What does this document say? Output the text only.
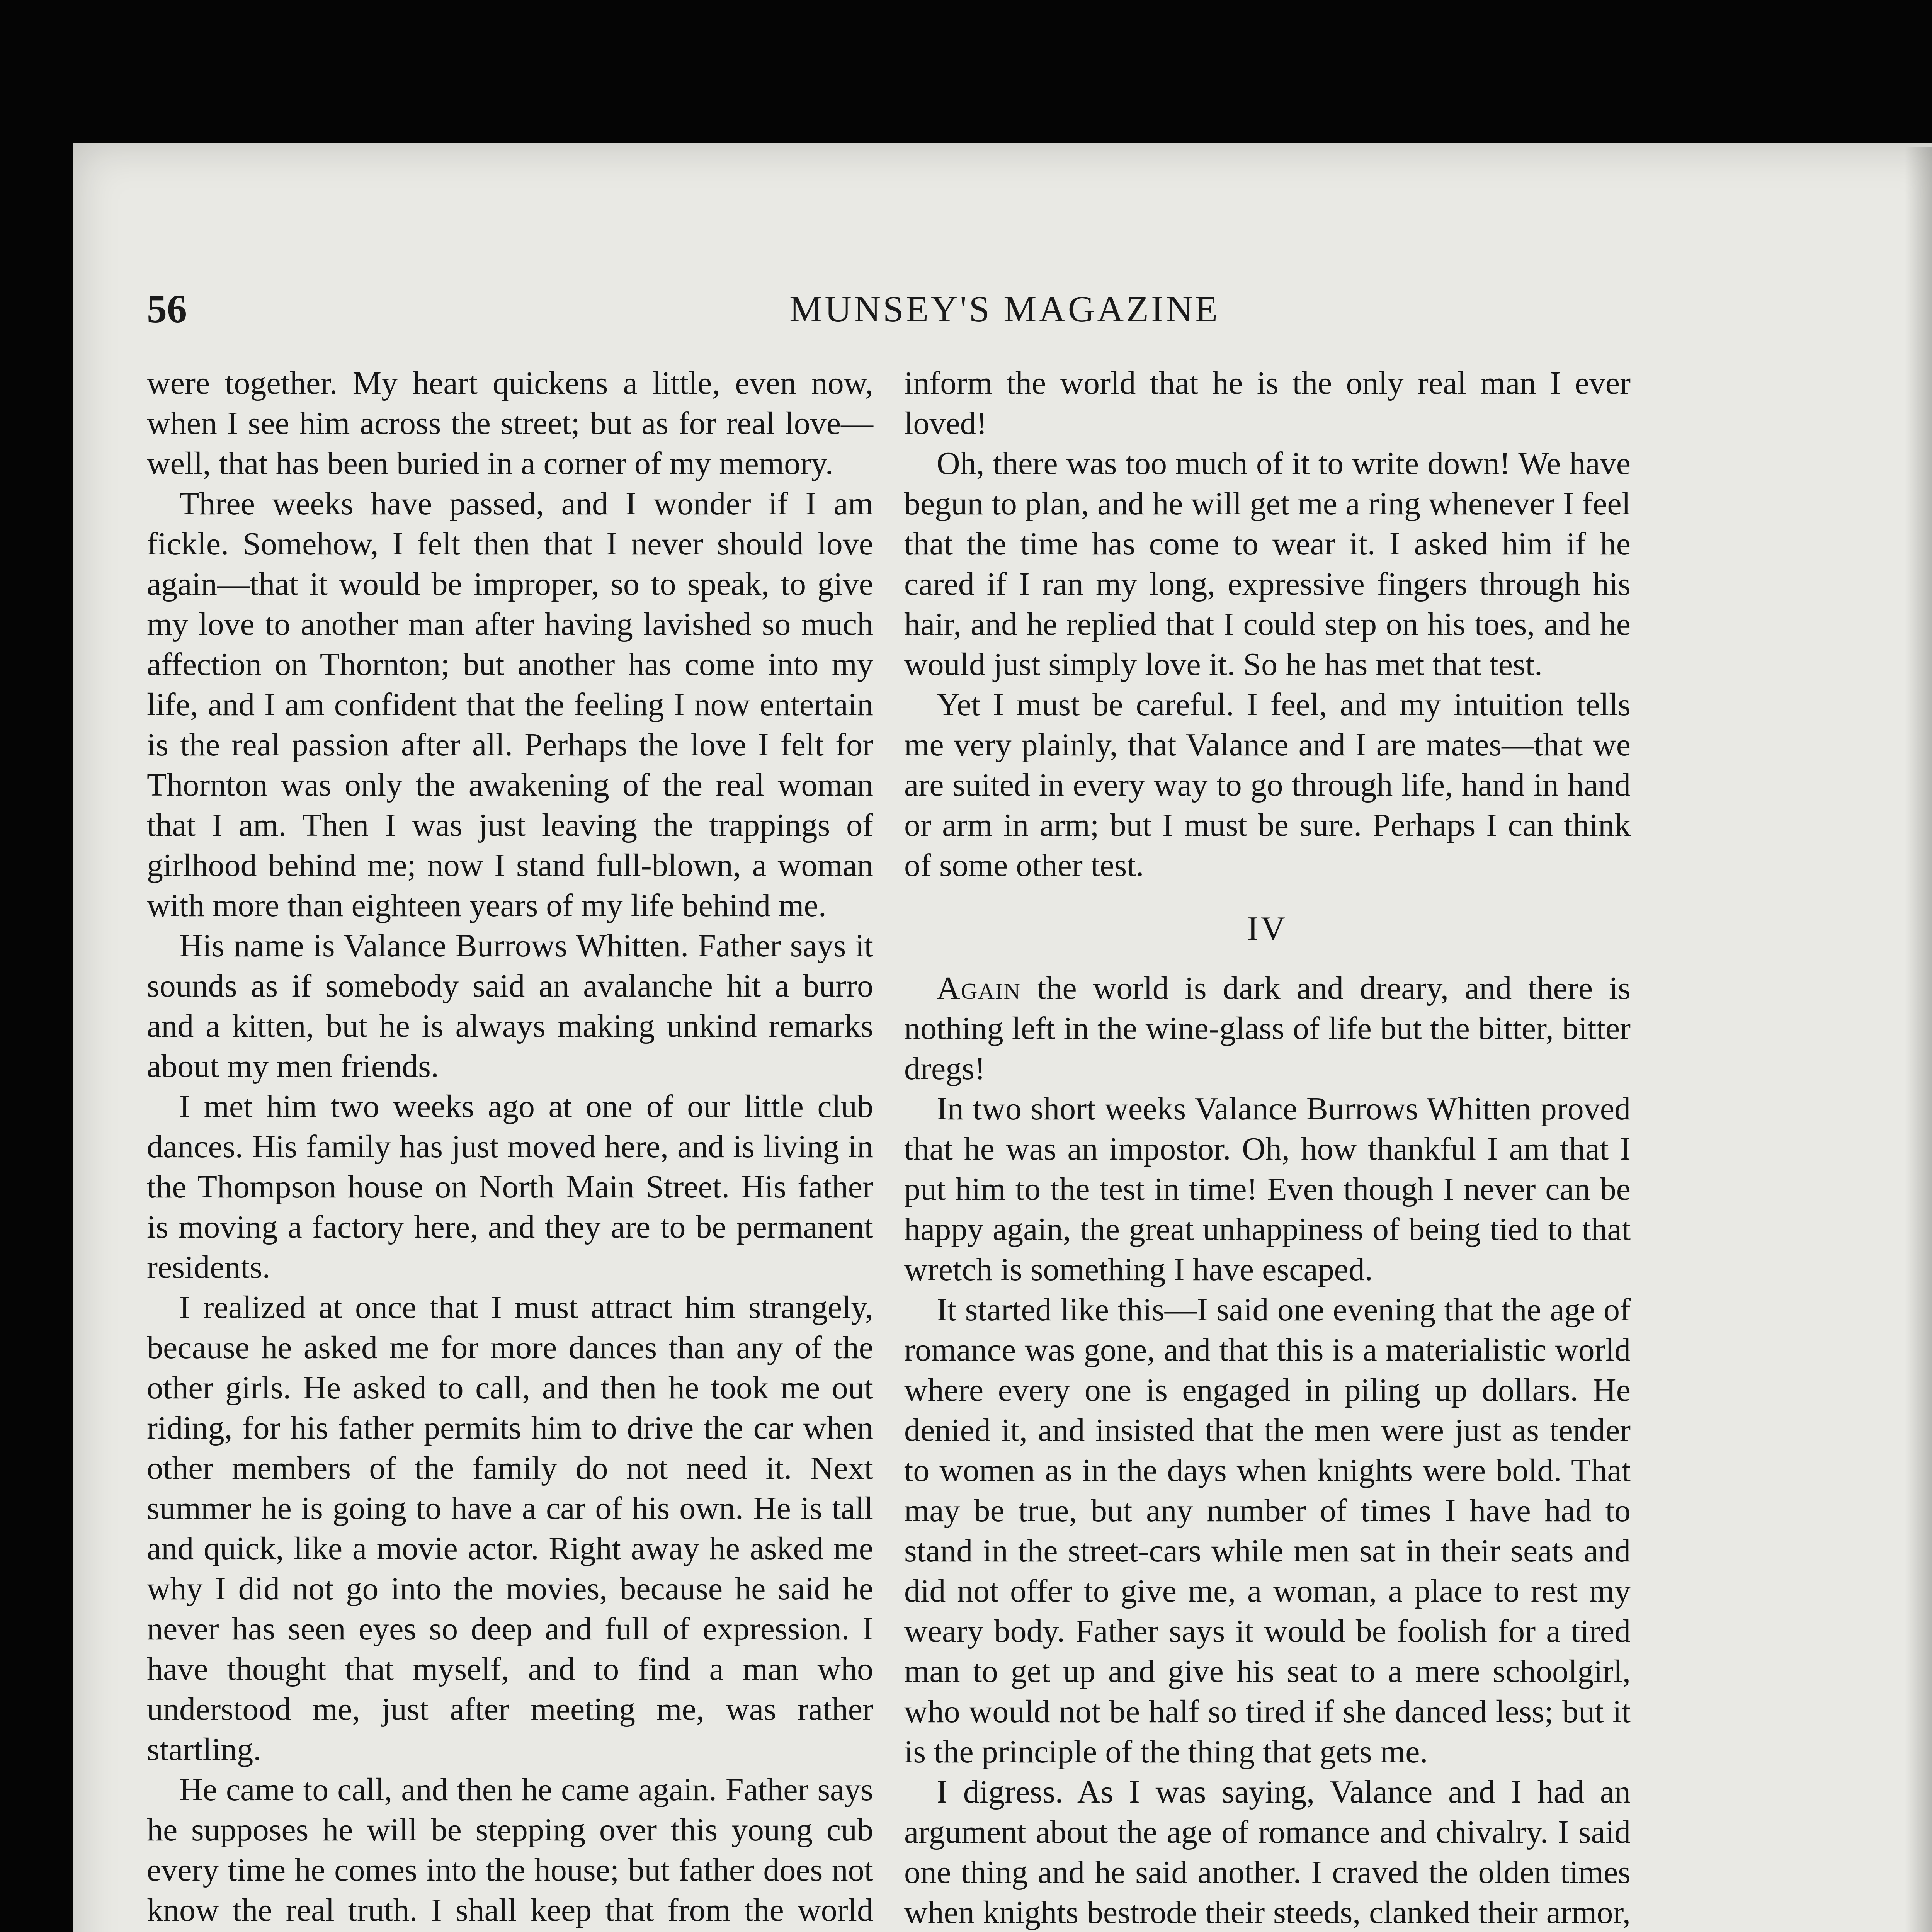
56	MUNSEY'S MAGAZINE

were together. My heart quickens a little, even now, when I see him across the street; but as for real love—well, that has been buried in a corner of my memory.

Three weeks have passed, and I wonder if I am fickle. Somehow, I felt then that I never should love again—that it would be improper, so to speak, to give my love to another man after having lavished so much affection on Thornton; but another has come into my life, and I am confident that the feeling I now entertain is the real passion after all. Perhaps the love I felt for Thornton was only the awakening of the real woman that I am. Then I was just leaving the trappings of girlhood behind me; now I stand full-blown, a woman with more than eighteen years of my life behind me.

His name is Valance Burrows Whitten. Father says it sounds as if somebody said an avalanche hit a burro and a kitten, but he is always making unkind remarks about my men friends.

I met him two weeks ago at one of our little club dances. His family has just moved here, and is living in the Thompson house on North Main Street. His father is moving a factory here, and they are to be permanent residents.

I realized at once that I must attract him strangely, because he asked me for more dances than any of the other girls. He asked to call, and then he took me out riding, for his father permits him to drive the car when other members of the family do not need it. Next summer he is going to have a car of his own. He is tall and quick, like a movie actor. Right away he asked me why I did not go into the movies, because he said he never has seen eyes so deep and full of expression. I have thought that myself, and to find a man who understood me, just after meeting me, was rather startling.

He came to call, and then he came again. Father says he supposes he will be stepping over this young cub every time he comes into the house; but father does not know the real truth. I shall keep that from the world

inform the world that he is the only real man I ever loved!

Oh, there was too much of it to write down! We have begun to plan, and he will get me a ring whenever I feel that the time has come to wear it. I asked him if he cared if I ran my long, expressive fingers through his hair, and he replied that I could step on his toes, and he would just simply love it. So he has met that test.

Yet I must be careful. I feel, and my intuition tells me very plainly, that Valance and I are mates—that we are suited in every way to go through life, hand in hand or arm in arm; but I must be sure. Perhaps I can think of some other test.

IV

Again the world is dark and dreary, and there is nothing left in the wine-glass of life but the bitter, bitter dregs!

In two short weeks Valance Burrows Whitten proved that he was an impostor. Oh, how thankful I am that I put him to the test in time! Even though I never can be happy again, the great unhappiness of being tied to that wretch is something I have escaped.

It started like this—I said one evening that the age of romance was gone, and that this is a materialistic world where every one is engaged in piling up dollars. He denied it, and insisted that the men were just as tender to women as in the days when knights were bold. That may be true, but any number of times I have had to stand in the street-cars while men sat in their seats and did not offer to give me, a woman, a place to rest my weary body. Father says it would be foolish for a tired man to get up and give his seat to a mere schoolgirl, who would not be half so tired if she danced less; but it is the principle of the thing that gets me.

I digress. As I was saying, Valance and I had an argument about the age of romance and chivalry. I said one thing and he said another. I craved the olden times when knights bestrode their steeds, clanked their armor,
